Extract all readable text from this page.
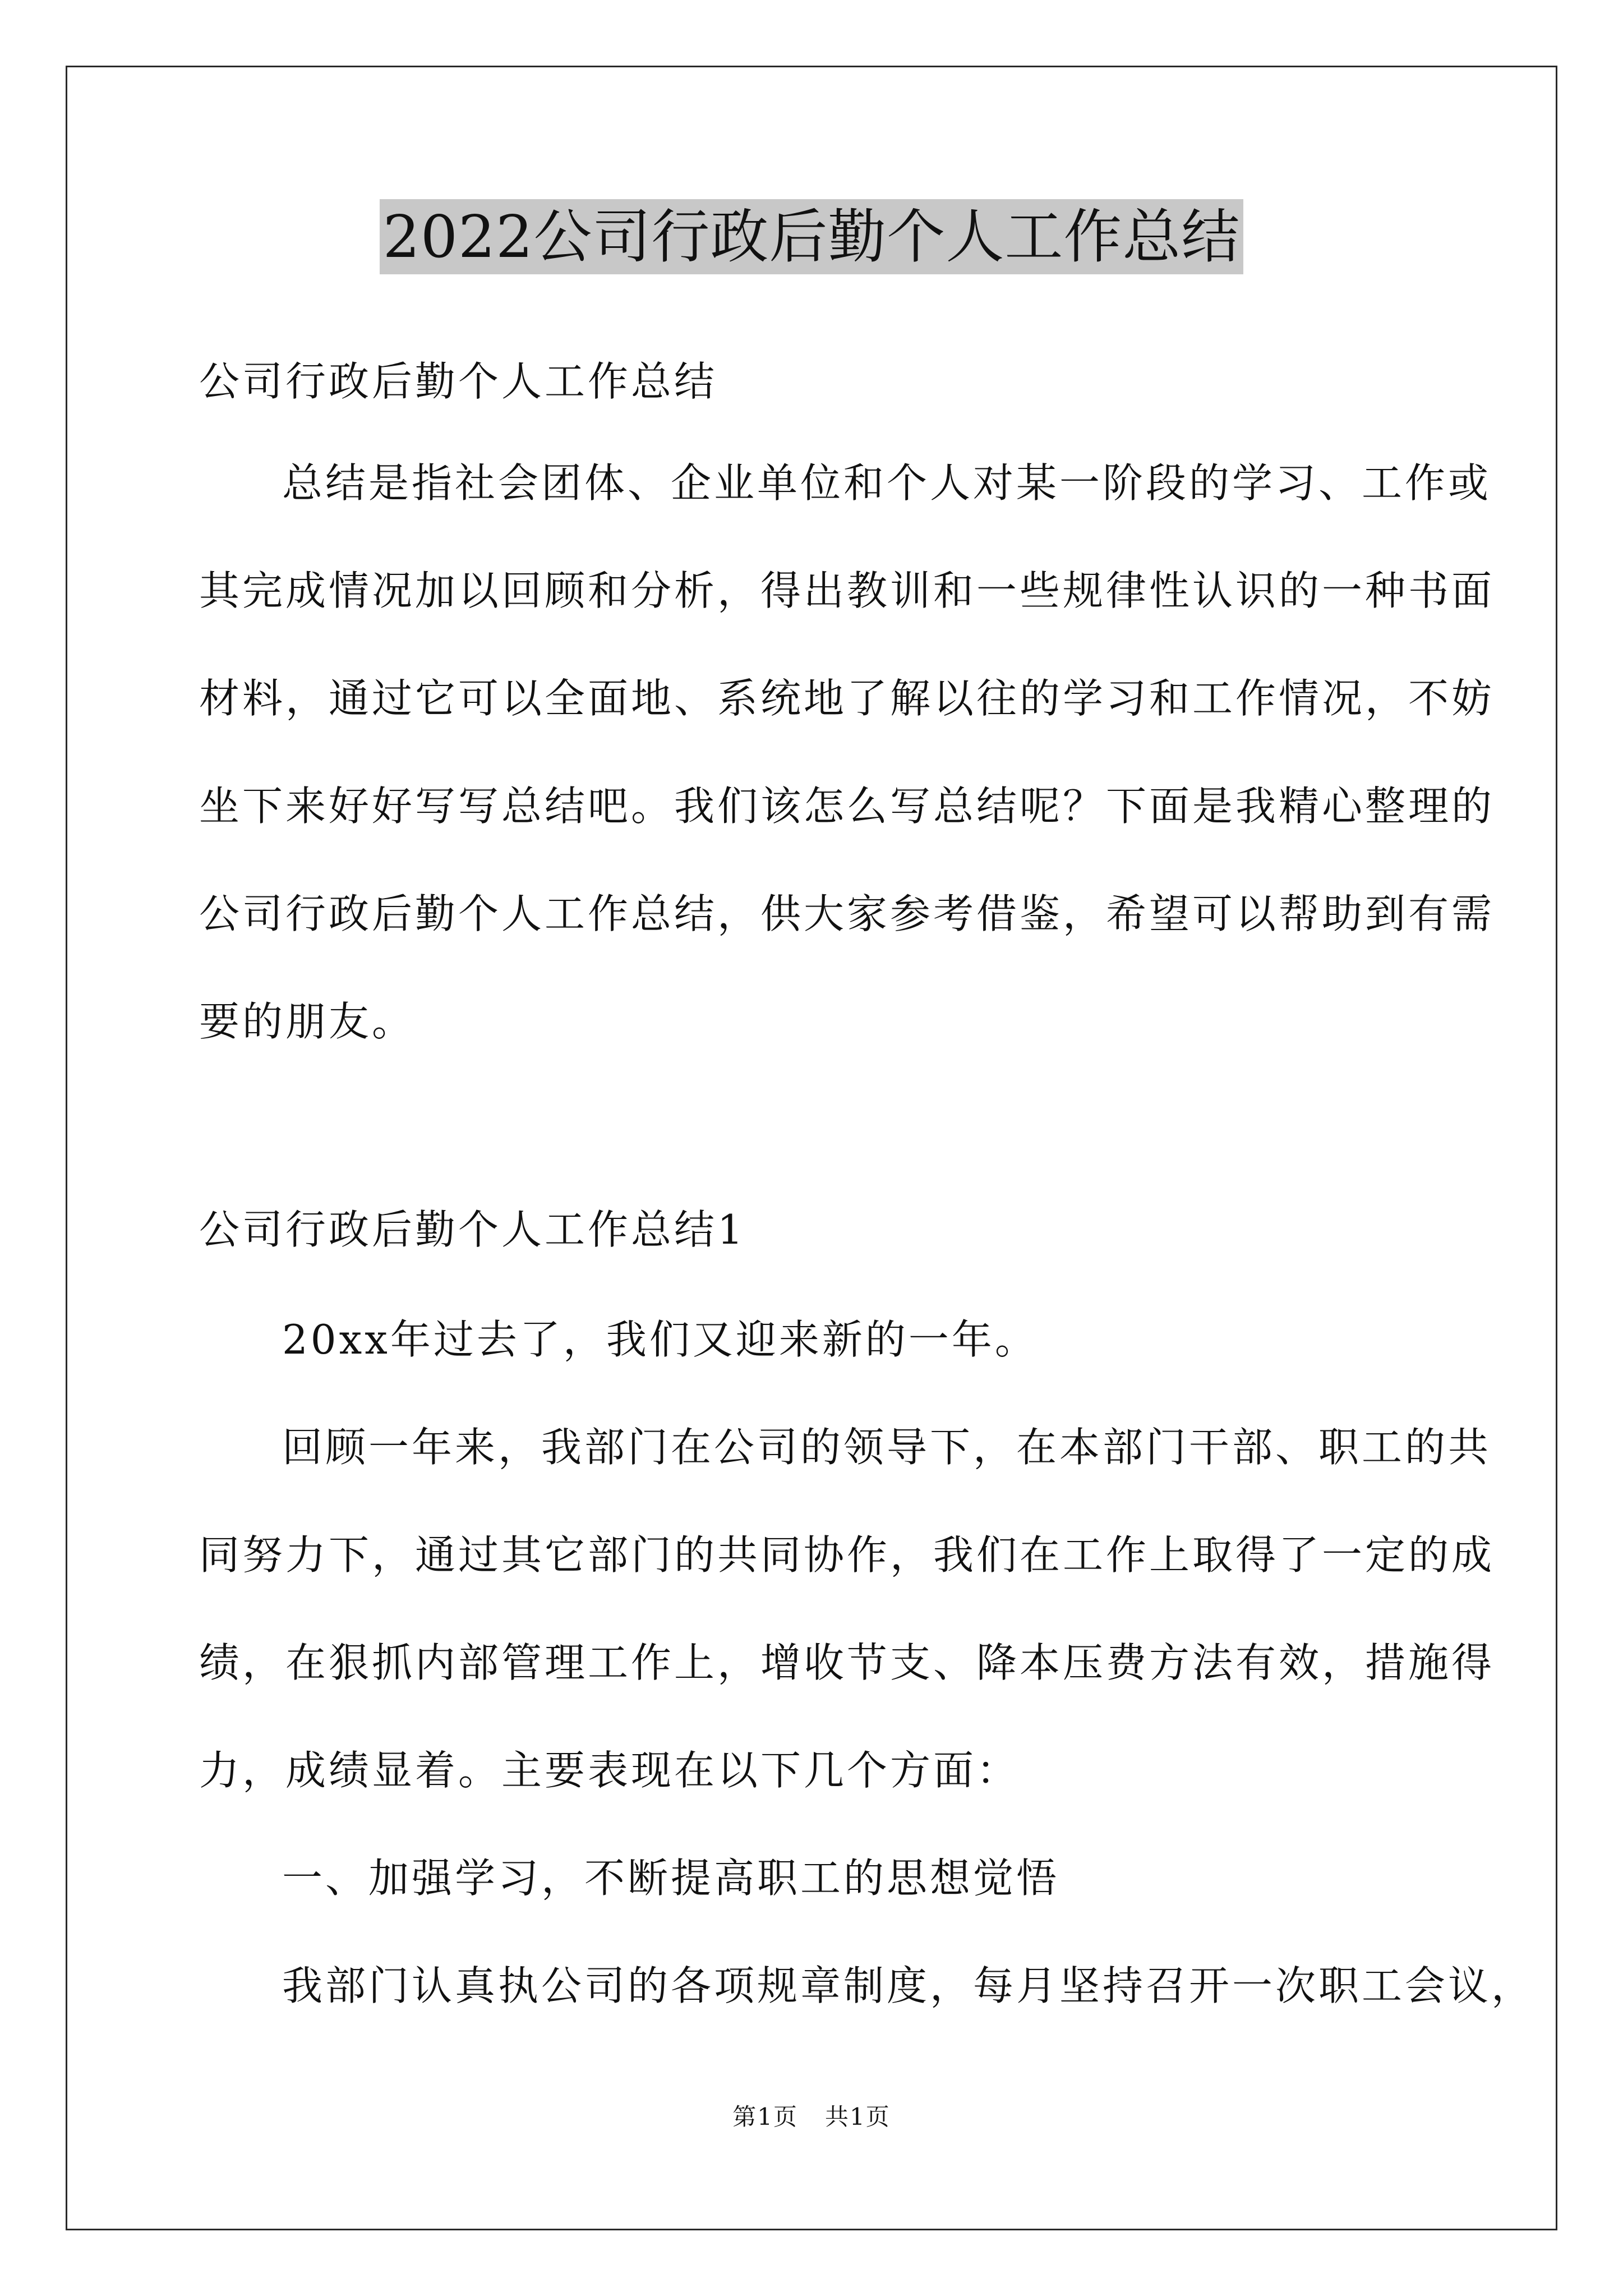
2022公司行政后勤个人工作总结
公司行政后勤个人工作总结
总结是指社会团体、企业单位和个人对某一阶段的学习、工作或
其完成情况加以回顾和分析，得出教训和一些规律性认识的一种书面
材料，通过它可以全面地、系统地了解以往的学习和工作情况，不妨
坐下来好好写写总结吧。我们该怎么写总结呢？下面是我精心整理的
公司行政后勤个人工作总结，供大家参考借鉴，希望可以帮助到有需
要的朋友。
公司行政后勤个人工作总结1
20xx年过去了，我们又迎来新的一年。
回顾一年来，我部门在公司的领导下，在本部门干部、职工的共
同努力下，通过其它部门的共同协作，我们在工作上取得了一定的成
绩，在狠抓内部管理工作上，增收节支、降本压费方法有效，措施得
力，成绩显着。主要表现在以下几个方面：
一、加强学习，不断提高职工的思想觉悟
我部门认真执公司的各项规章制度，每月坚持召开一次职工会议，
第1页 共1页
